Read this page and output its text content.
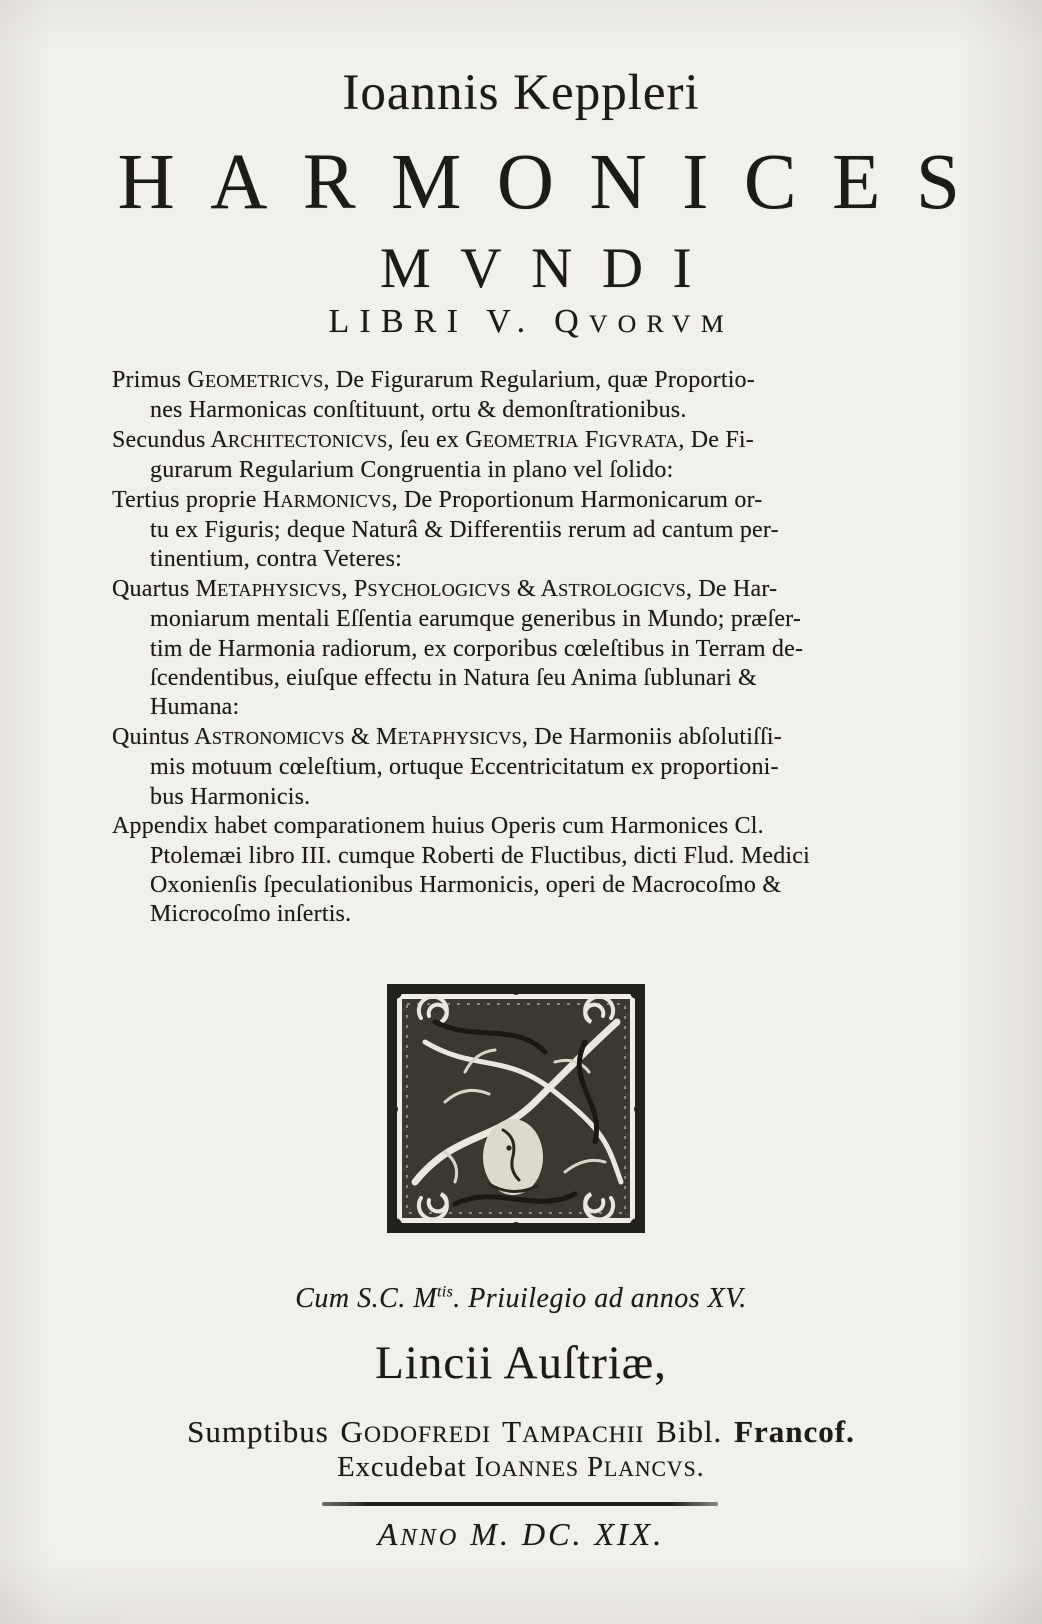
Ioannis Keppleri
HARMONICES
MVNDI
LIBRI V. QVORVM
Primus GEOMETRICVS, De Figurarum Regularium, quæ Proportio-
nes Harmonicas conſtituunt, ortu & demonſtrationibus.
Secundus ARCHITECTONICVS, ſeu ex GEOMETRIA FIGVRATA, De Fi-
gurarum Regularium Congruentia in plano vel ſolido:
Tertius proprie HARMONICVS, De Proportionum Harmonicarum or-
tu ex Figuris; deque Naturâ & Differentiis rerum ad cantum per-
tinentium, contra Veteres:
Quartus METAPHYSICVS, PSYCHOLOGICVS & ASTROLOGICVS, De Har-
moniarum mentali Eſſentia earumque generibus in Mundo; præſer-
tim de Harmonia radiorum, ex corporibus cœleſtibus in Terram de-
ſcendentibus, eiuſque effectu in Natura ſeu Anima ſublunari &
Humana:
Quintus ASTRONOMICVS & METAPHYSICVS, De Harmoniis abſolutiſſi-
mis motuum cœleſtium, ortuque Eccentricitatum ex proportioni-
bus Harmonicis.
Appendix habet comparationem huius Operis cum Harmonices Cl.
Ptolemæi libro III. cumque Roberti de Fluctibus, dicti Flud. Medici
Oxonienſis ſpeculationibus Harmonicis, operi de Macrocoſmo &
Microcoſmo inſertis.
Cum S.C. $M^{tis}$. Priuilegio ad annos XV.
Lincii Auſtriæ,
Sumptibus GODOFREDI TAMPACHII Bibl. Francof.
Excudebat IOANNES PLANCVS.
ANNO M. DC. XIX.
